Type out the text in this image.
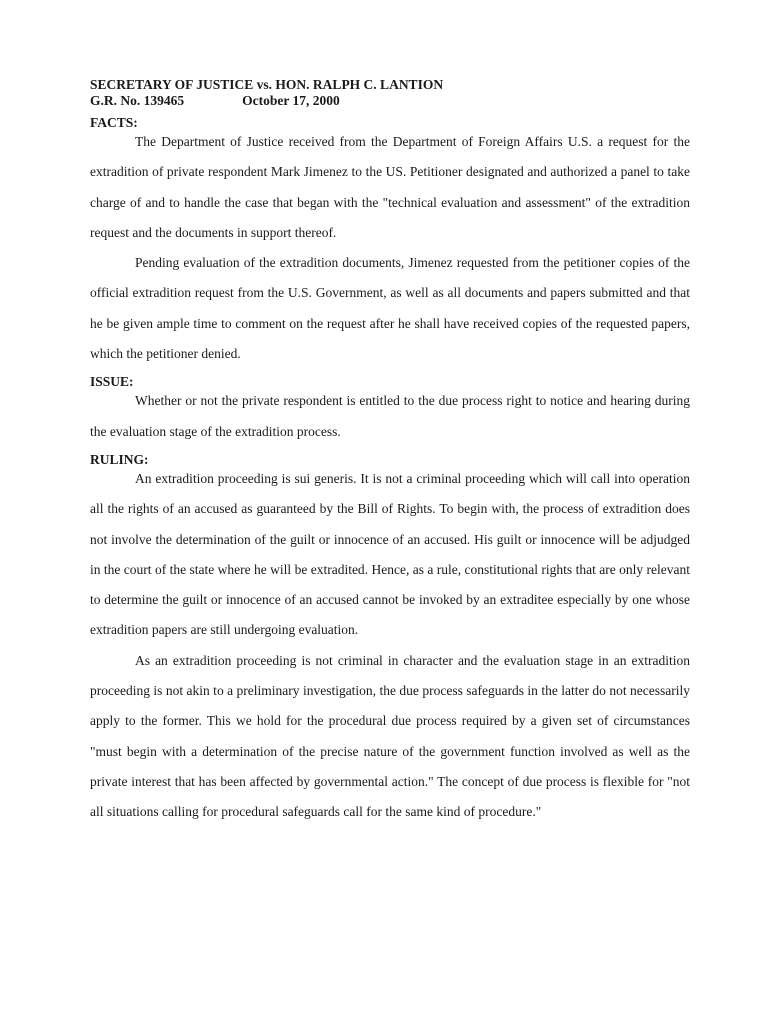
SECRETARY OF JUSTICE vs. HON. RALPH C. LANTION
G.R. No. 139465	October 17, 2000
FACTS:

The Department of Justice received from the Department of Foreign Affairs U.S. a request for the extradition of private respondent Mark Jimenez to the US. Petitioner designated and authorized a panel to take charge of and to handle the case that began with the "technical evaluation and assessment" of the extradition request and the documents in support thereof.

Pending evaluation of the extradition documents, Jimenez requested from the petitioner copies of the official extradition request from the U.S. Government, as well as all documents and papers submitted and that he be given ample time to comment on the request after he shall have received copies of the requested papers, which the petitioner denied.

ISSUE:

Whether or not the private respondent is entitled to the due process right to notice and hearing during the evaluation stage of the extradition process.

RULING:

An extradition proceeding is sui generis. It is not a criminal proceeding which will call into operation all the rights of an accused as guaranteed by the Bill of Rights. To begin with, the process of extradition does not involve the determination of the guilt or innocence of an accused. His guilt or innocence will be adjudged in the court of the state where he will be extradited. Hence, as a rule, constitutional rights that are only relevant to determine the guilt or innocence of an accused cannot be invoked by an extraditee especially by one whose extradition papers are still undergoing evaluation.

As an extradition proceeding is not criminal in character and the evaluation stage in an extradition proceeding is not akin to a preliminary investigation, the due process safeguards in the latter do not necessarily apply to the former. This we hold for the procedural due process required by a given set of circumstances "must begin with a determination of the precise nature of the government function involved as well as the private interest that has been affected by governmental action." The concept of due process is flexible for "not all situations calling for procedural safeguards call for the same kind of procedure."
